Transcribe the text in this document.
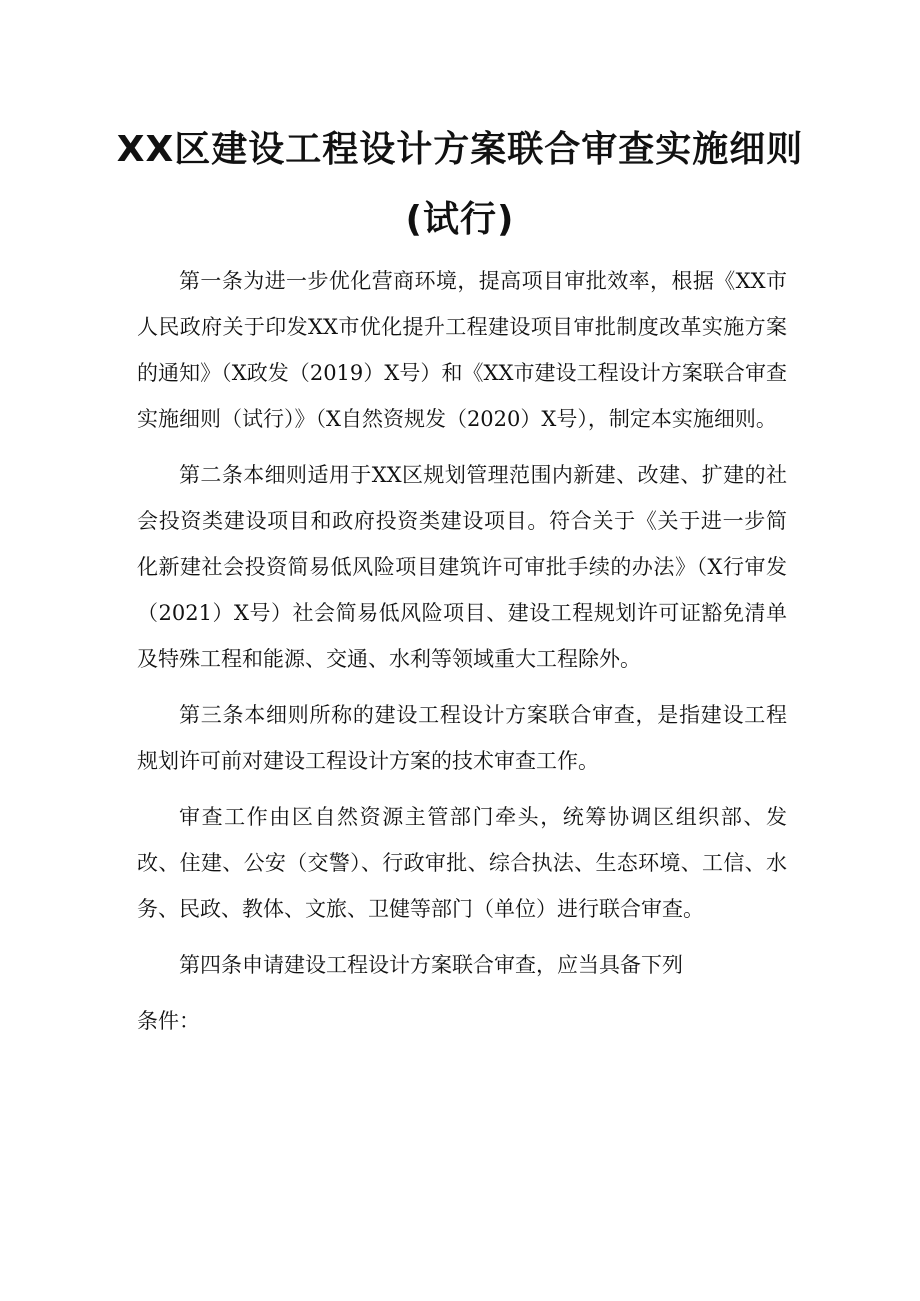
XX区建设工程设计方案联合审查实施细则
(试行)

第一条为进一步优化营商环境，提高项目审批效率，根据《XX市人民政府关于印发XX市优化提升工程建设项目审批制度改革实施方案的通知》（X政发（2019）X号）和《XX市建设工程设计方案联合审查实施细则（试行）》（X自然资规发（2020）X号），制定本实施细则。

第二条本细则适用于XX区规划管理范围内新建、改建、扩建的社会投资类建设项目和政府投资类建设项目。符合关于《关于进一步简化新建社会投资简易低风险项目建筑许可审批手续的办法》（X行审发（2021）X号）社会简易低风险项目、建设工程规划许可证豁免清单及特殊工程和能源、交通、水利等领域重大工程除外。

第三条本细则所称的建设工程设计方案联合审查，是指建设工程规划许可前对建设工程设计方案的技术审查工作。

审查工作由区自然资源主管部门牵头，统筹协调区组织部、发改、住建、公安（交警）、行政审批、综合执法、生态环境、工信、水务、民政、教体、文旅、卫健等部门（单位）进行联合审查。

第四条申请建设工程设计方案联合审查，应当具备下列

条件：
